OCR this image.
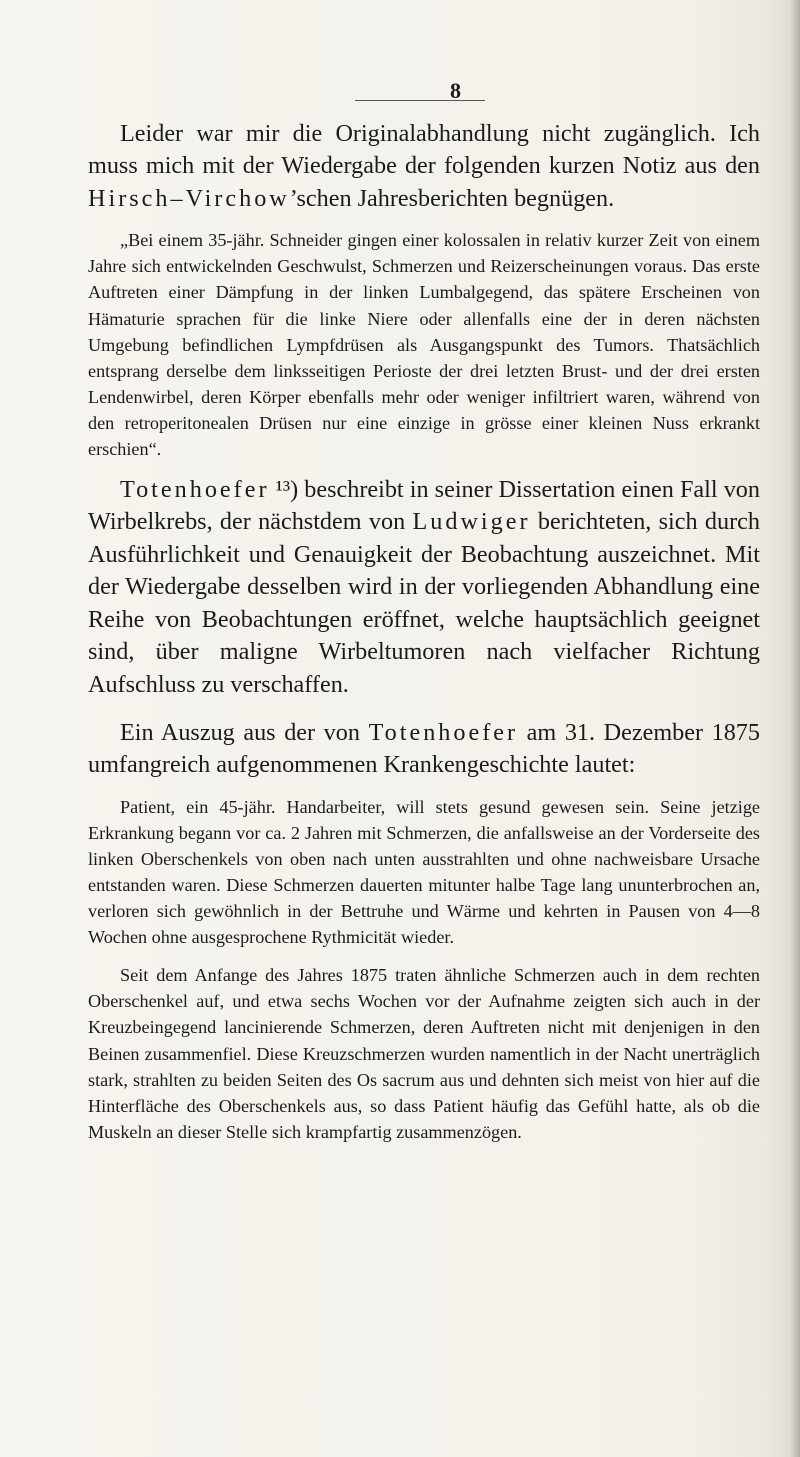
8

Leider war mir die Originalabhandlung nicht zugänglich. Ich muss mich mit der Wiedergabe der folgenden kurzen Notiz aus den Hirsch–Virchow’schen Jahresberichten begnügen.

„Bei einem 35-jähr. Schneider gingen einer kolossalen in relativ kurzer Zeit von einem Jahre sich entwickelnden Geschwulst, Schmerzen und Reizerscheinungen voraus. Das erste Auftreten einer Dämpfung in der linken Lumbalgegend, das spätere Erscheinen von Hämaturie sprachen für die linke Niere oder allenfalls eine der in deren nächsten Umgebung befindlichen Lympfdrüsen als Ausgangspunkt des Tumors. Thatsächlich entsprang derselbe dem linksseitigen Perioste der drei letzten Brust- und der drei ersten Lendenwirbel, deren Körper ebenfalls mehr oder weniger infiltriert waren, während von den retroperitonealen Drüsen nur eine einzige in grösse einer kleinen Nuss erkrankt erschien“.

Totenhoefer ¹³) beschreibt in seiner Dissertation einen Fall von Wirbelkrebs, der nächstdem von Ludwiger berichteten, sich durch Ausführlichkeit und Genauigkeit der Beobachtung auszeichnet. Mit der Wiedergabe desselben wird in der vorliegenden Abhandlung eine Reihe von Beobachtungen eröffnet, welche hauptsächlich geeignet sind, über maligne Wirbeltumoren nach vielfacher Richtung Aufschluss zu verschaffen.

Ein Auszug aus der von Totenhoefer am 31. Dezember 1875 umfangreich aufgenommenen Krankengeschichte lautet:

Patient, ein 45-jähr. Handarbeiter, will stets gesund gewesen sein. Seine jetzige Erkrankung begann vor ca. 2 Jahren mit Schmerzen, die anfallsweise an der Vorderseite des linken Oberschenkels von oben nach unten ausstrahlten und ohne nachweisbare Ursache entstanden waren. Diese Schmerzen dauerten mitunter halbe Tage lang ununterbrochen an, verloren sich gewöhnlich in der Bettruhe und Wärme und kehrten in Pausen von 4—8 Wochen ohne ausgesprochene Rythmicität wieder.

Seit dem Anfange des Jahres 1875 traten ähnliche Schmerzen auch in dem rechten Oberschenkel auf, und etwa sechs Wochen vor der Aufnahme zeigten sich auch in der Kreuzbeingegend lancinierende Schmerzen, deren Auftreten nicht mit denjenigen in den Beinen zusammenfiel. Diese Kreuzschmerzen wurden namentlich in der Nacht unerträglich stark, strahlten zu beiden Seiten des Os sacrum aus und dehnten sich meist von hier auf die Hinterfläche des Oberschenkels aus, so dass Patient häufig das Gefühl hatte, als ob die Muskeln an dieser Stelle sich krampfartig zusammenzögen.
